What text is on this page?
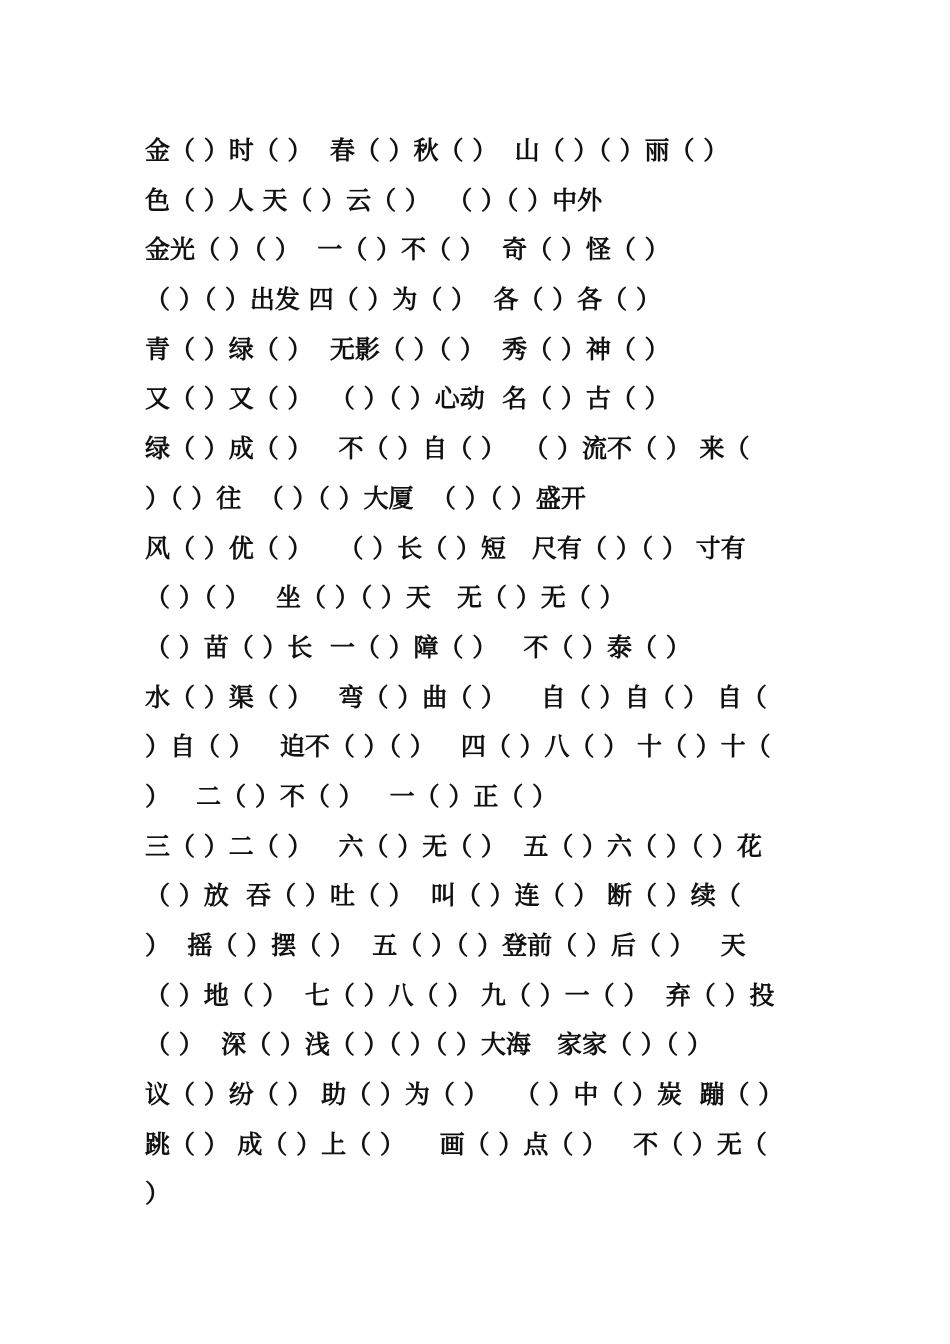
金（ ）时（ ）  春（ ）秋（ ）  山（ ）（ ）丽（ ）
色（ ）人 天（ ）云（ ）  （ ）（ ）中外
金光（ ）（ ）  一（ ）不（ ）  奇（ ）怪（ ）
（ ）（ ）出发 四（ ）为（ ）  各（ ）各（ ）
青（ ）绿（ ）  无影（ ）（ ）  秀（ ）神（ ）
又（ ）又（ ）  （ ）（ ）心动  名（ ）古（ ）
绿（ ）成（ ）   不（ ）自（ ）  （ ）流不（ ） 来（
）（ ）往  （ ）（ ）大厦  （ ）（ ）盛开
风（ ）优（ ）   （ ）长（ ）短   尺有（ ）（ ） 寸有
（ ）（ ）   坐（ ）（ ）天   无（ ）无（ ）
（ ）苗（ ）长  一（ ）障（ ）   不（ ）泰（ ）
水（ ）渠（ ）   弯（ ）曲（ ）    自（ ）自（ ） 自（
）自（ ）   迫不（ ）（ ）   四（ ）八（ ） 十（ ）十（
）   二（ ）不（ ）   一（ ）正（ ）
三（ ）二（ ）   六（ ）无（ ）  五（ ）六（ ）（ ）花
（ ）放  吞（ ）吐（ ）  叫（ ）连（ ） 断（ ）续（
）  摇（ ）摆（ ）  五（ ）（ ）登前（ ）后（ ）   天
（ ）地（ ）  七（ ）八（ ） 九（ ）一（ ）  弃（ ）投
（ ）  深（ ）浅（ ）（ ）（ ）大海   家家（ ）（ ）
议（ ）纷（ ） 助（ ）为（ ）   （ ）中（ ）炭  蹦（ ）
跳（ ） 成（ ）上（ ）    画（ ）点（ ）   不（ ）无（
）
